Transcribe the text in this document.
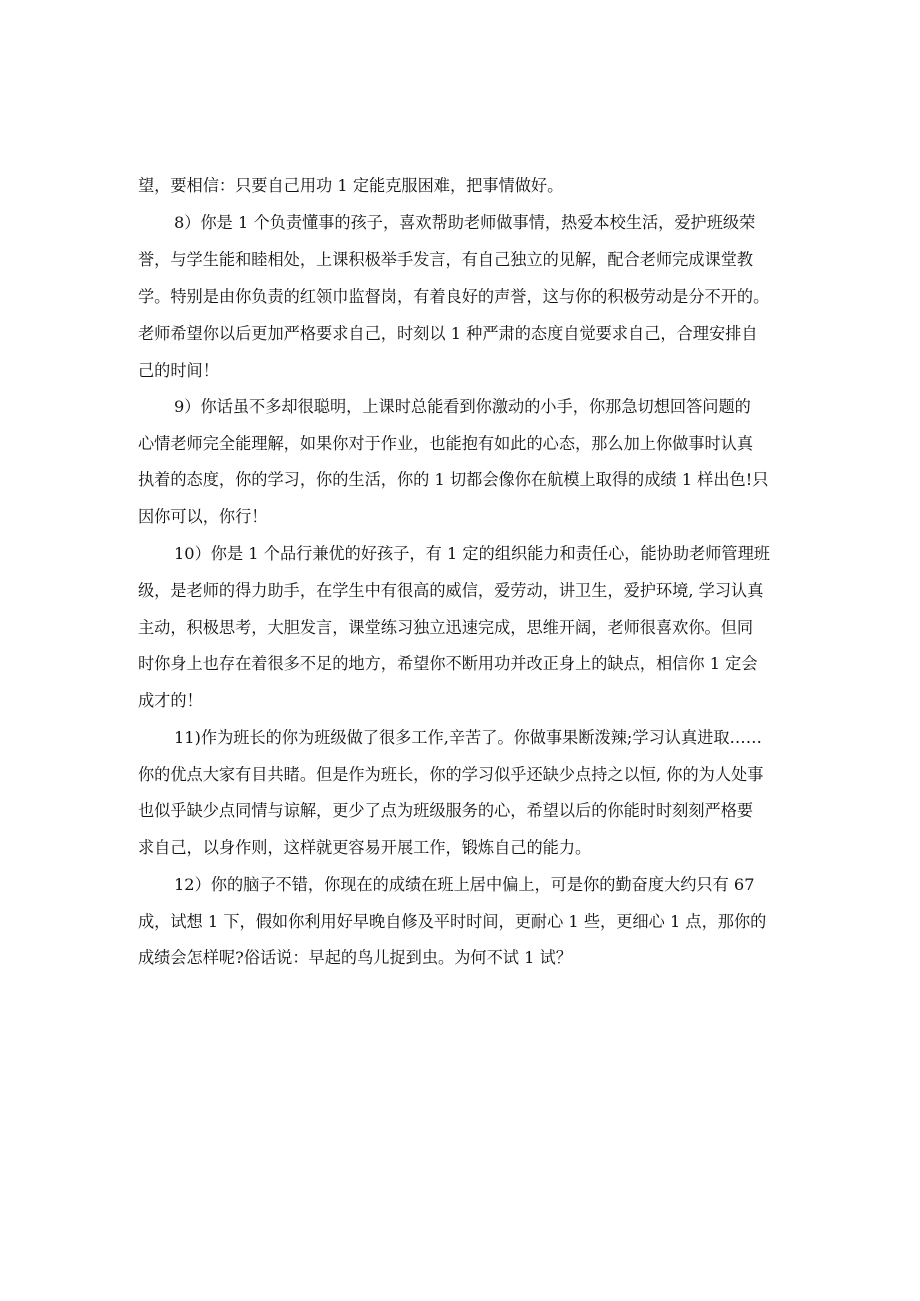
望，要相信：只要自己用功 1 定能克服困难，把事情做好。
8）你是 1 个负责懂事的孩子，喜欢帮助老师做事情，热爱本校生活，爱护班级荣
誉，与学生能和睦相处，上课积极举手发言，有自己独立的见解，配合老师完成课堂教
学。特别是由你负责的红领巾监督岗，有着良好的声誉，这与你的积极劳动是分不开的。
老师希望你以后更加严格要求自己，时刻以 1 种严肃的态度自觉要求自己，合理安排自
己的时间！
9）你话虽不多却很聪明，上课时总能看到你激动的小手，你那急切想回答问题的
心情老师完全能理解，如果你对于作业，也能抱有如此的心态，那么加上你做事时认真
执着的态度，你的学习，你的生活，你的 1 切都会像你在航模上取得的成绩 1 样出色!只
因你可以，你行！
10）你是 1 个品行兼优的好孩子，有 1 定的组织能力和责任心，能协助老师管理班
级，是老师的得力助手，在学生中有很高的威信，爱劳动，讲卫生，爱护环境, 学习认真
主动，积极思考，大胆发言，课堂练习独立迅速完成，思维开阔，老师很喜欢你。但同
时你身上也存在着很多不足的地方，希望你不断用功并改正身上的缺点，相信你 1 定会
成才的！
11)作为班长的你为班级做了很多工作,辛苦了。你做事果断泼辣;学习认真进取……
你的优点大家有目共睹。但是作为班长，你的学习似乎还缺少点持之以恒, 你的为人处事
也似乎缺少点同情与谅解，更少了点为班级服务的心，希望以后的你能时时刻刻严格要
求自己，以身作则，这样就更容易开展工作，锻炼自己的能力。
12）你的脑子不错，你现在的成绩在班上居中偏上，可是你的勤奋度大约只有 67
成，试想 1 下，假如你利用好早晚自修及平时时间，更耐心 1 些，更细心 1 点，那你的
成绩会怎样呢?俗话说：早起的鸟儿捉到虫。为何不试 1 试？
